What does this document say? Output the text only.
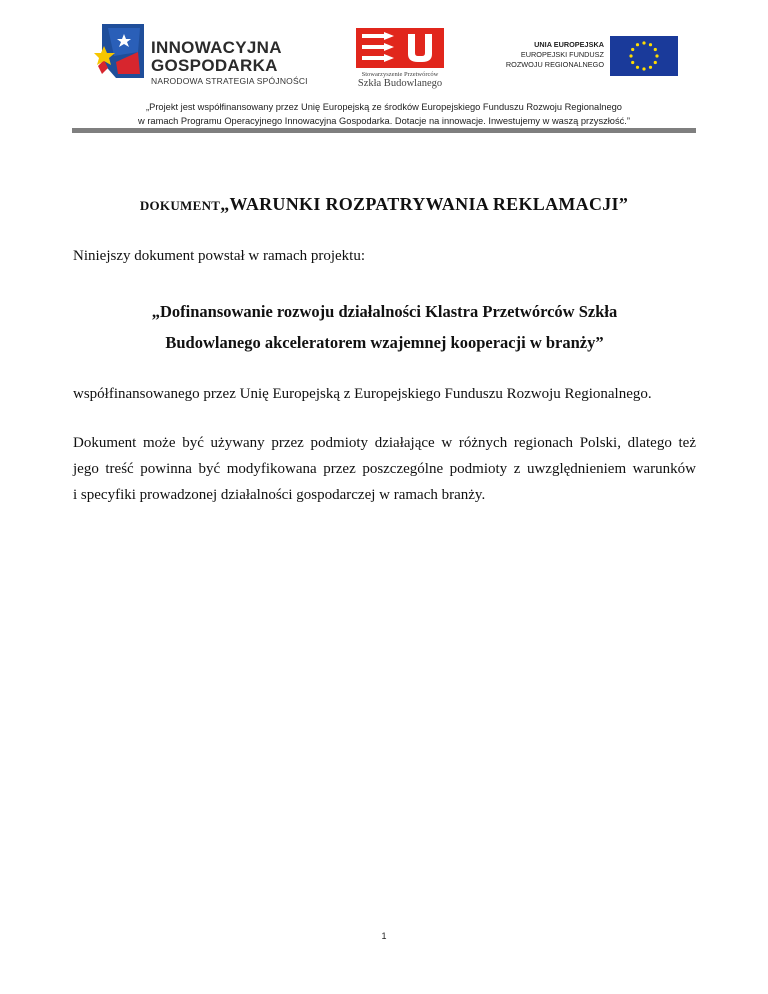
INNOWACYJNA
GOSPODARKA
NARODOWA STRATEGIA SPÓJNOŚCI
Stowarzyszenie Przetwórców
Szkła Budowlanego
UNIA EUROPEJSKA
EUROPEJSKI FUNDUSZ
ROZWOJU REGIONALNEGO
„Projekt jest współfinansowany przez Unię Europejską ze środków Europejskiego Funduszu Rozwoju Regionalnego
w ramach Programu Operacyjnego Innowacyjna Gospodarka. Dotacje na innowacje. Inwestujemy w waszą przyszłość.”
DOKUMENT„WARUNKI ROZPATRYWANIA REKLAMACJI”
Niniejszy dokument powstał w ramach projektu:
„Dofinansowanie rozwoju działalności Klastra Przetwórców Szkła
Budowlanego akceleratorem wzajemnej kooperacji w branży”
współfinansowanego przez Unię Europejską z Europejskiego Funduszu Rozwoju Regionalnego.
Dokument może być używany przez podmioty działające w różnych regionach Polski, dlatego też
jego treść powinna być modyfikowana przez poszczególne podmioty z uwzględnieniem warunków
i specyfiki prowadzonej działalności gospodarczej w ramach branży.
1
